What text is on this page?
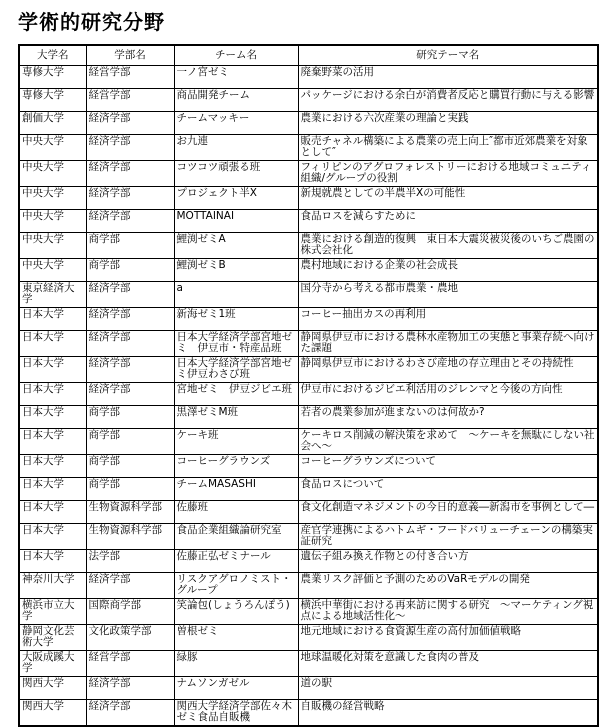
学術的研究分野
大学名	学部名	チーム名	研究テーマ名
専修大学	経営学部	一ノ宮ゼミ	廃棄野菜の活用
専修大学	経営学部	商品開発チーム	パッケージにおける余白が消費者反応と購買行動に与える影響
創価大学	経済学部	チームマッキー	農業における六次産業の理論と実践
中央大学	経済学部	お九連	販売チャネル構築による農業の売上向上″都市近郊農業を対象として″
中央大学	経済学部	コツコツ頑張る班	フィリピンのアグロフォレストリーにおける地域コミュニティ組織/グループの役割
中央大学	経済学部	プロジェクト半X	新規就農としての半農半Xの可能性
中央大学	経済学部	MOTTAINAI	食品ロスを減らすために
中央大学	商学部	鯉渕ゼミA	農業における創造的復興　東日本大震災被災後のいちご農園の株式会社化
中央大学	商学部	鯉渕ゼミB	農村地域における企業の社会成長
東京経済大学	経済学部	a	国分寺から考える都市農業・農地
日本大学	経済学部	新海ゼミ1班	コーヒー抽出カスの再利用
日本大学	経済学部	日本大学経済学部宮地ゼミ　伊豆市・特産品班	静岡県伊豆市における農林水産物加工の実態と事業存続へ向けた課題
日本大学	経済学部	日本大学経済学部宮地ゼミ伊豆わさび班	静岡県伊豆市におけるわさび産地の存立理由とその持続性
日本大学	経済学部	宮地ゼミ　伊豆ジビエ班	伊豆市におけるジビエ利活用のジレンマと今後の方向性
日本大学	商学部	黒澤ゼミM班	若者の農業参加が進まないのは何故か?
日本大学	商学部	ケーキ班	ケーキロス削減の解決策を求めて　～ケーキを無駄にしない社会へ～
日本大学	商学部	コーヒーグラウンズ	コーヒーグラウンズについて
日本大学	商学部	チームMASASHI	食品ロスについて
日本大学	生物資源科学部	佐藤班	食文化創造マネジメントの今日的意義―新潟市を事例として―
日本大学	生物資源科学部	食品企業組織論研究室	産官学連携によるハトムギ・フードバリューチェーンの構築実証研究
日本大学	法学部	佐藤正弘ゼミナール	遺伝子組み換え作物との付き合い方
神奈川大学	経済学部	リスクアグロノミスト・グループ	農業リスク評価と予測のためのVaRモデルの開発
横浜市立大学	国際商学部	笑論包(しょうろんぽう)	横浜中華街における再来訪に関する研究　～マーケティング視点による地域活性化～
静岡文化芸術大学	文化政策学部	曽根ゼミ	地元地域における食資源生産の高付加価値戦略
大阪成蹊大学	経営学部	緑豚	地球温暖化対策を意識した食肉の普及
関西大学	経済学部	ナムソンガゼル	道の駅
関西大学	経済学部	関西大学経済学部佐々木ゼミ食品自販機	自販機の経営戦略
